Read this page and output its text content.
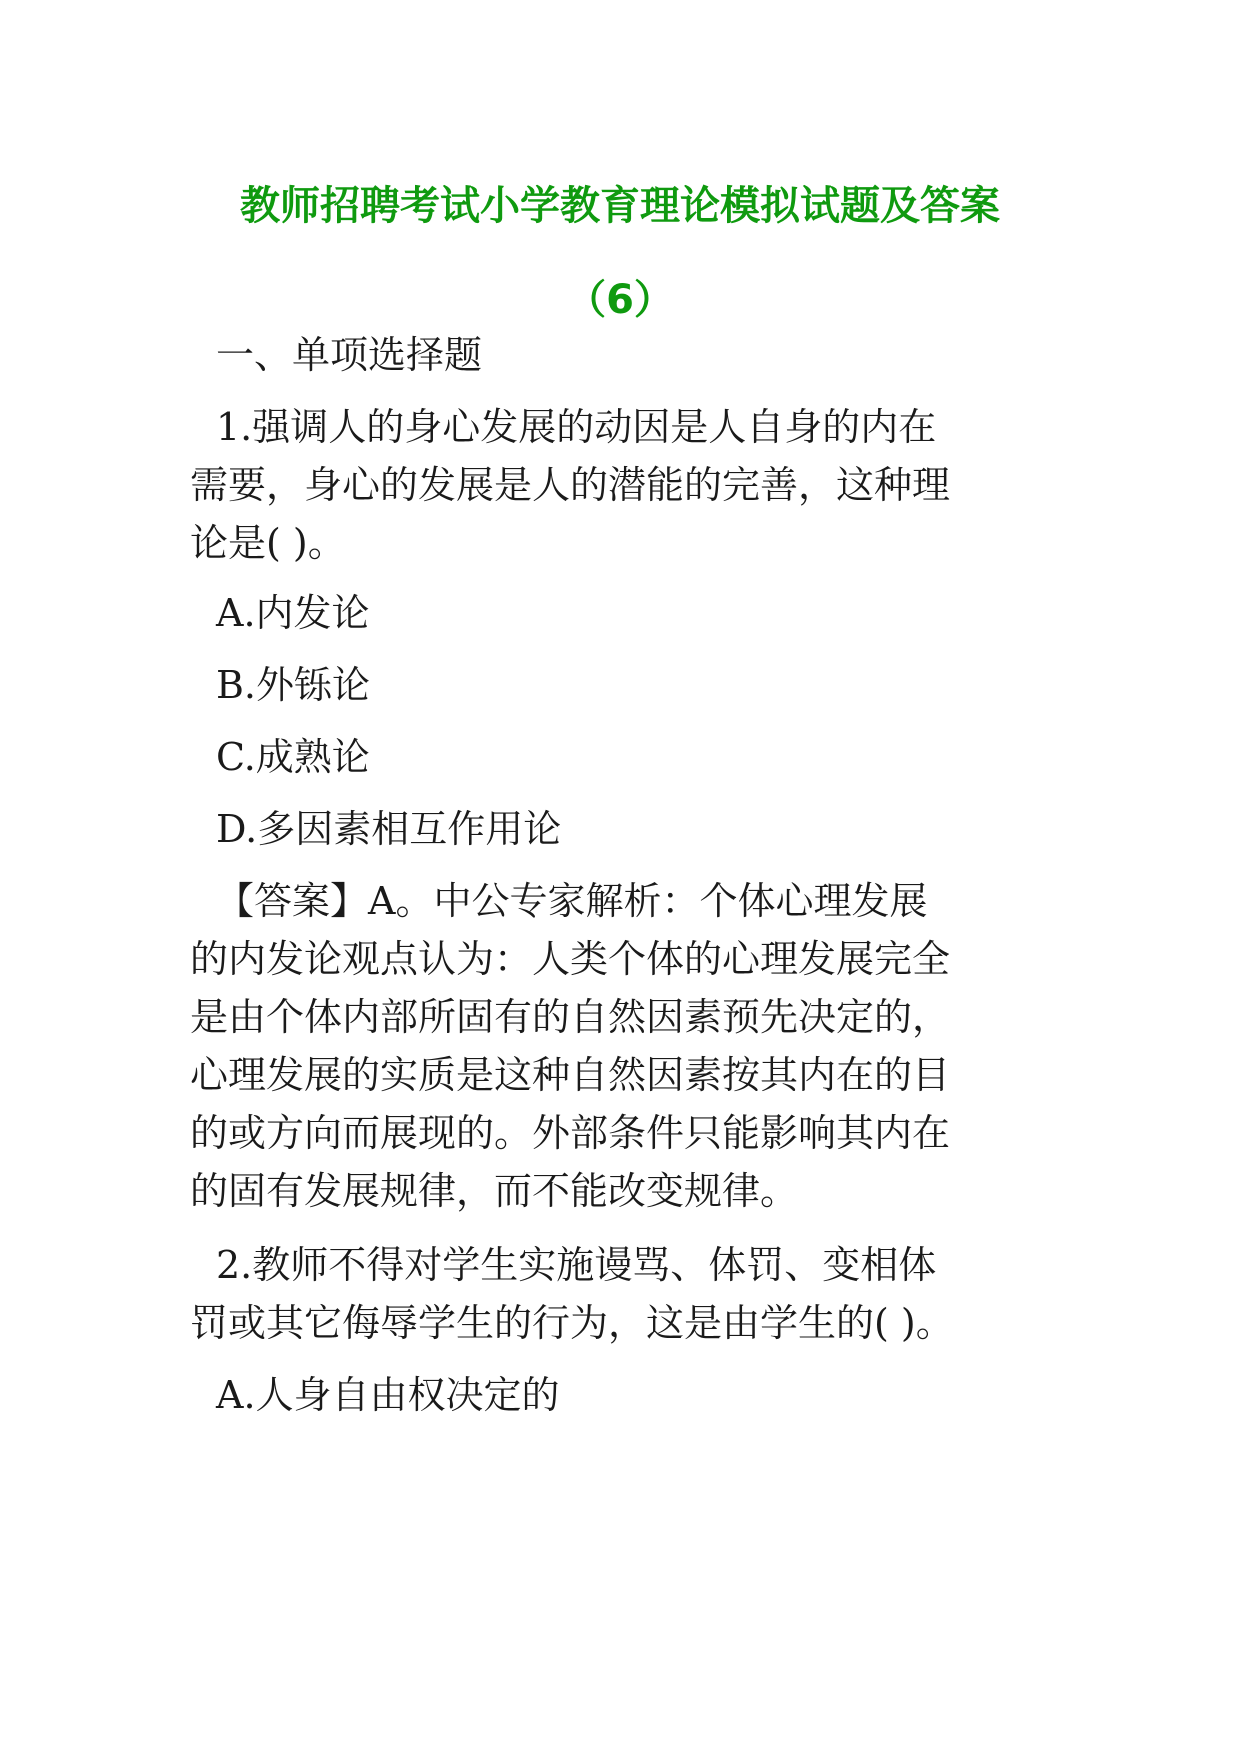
教师招聘考试小学教育理论模拟试题及答案
（6）

一、单项选择题

1.强调人的身心发展的动因是人自身的内在
需要，身心的发展是人的潜能的完善，这种理
论是( )。

A.内发论

B.外铄论

C.成熟论

D.多因素相互作用论

【答案】A。中公专家解析：个体心理发展
的内发论观点认为：人类个体的心理发展完全
是由个体内部所固有的自然因素预先决定的，
心理发展的实质是这种自然因素按其内在的目
的或方向而展现的。外部条件只能影响其内在
的固有发展规律，而不能改变规律。
2.教师不得对学生实施谩骂、体罚、变相体
罚或其它侮辱学生的行为，这是由学生的( )。

A.人身自由权决定的
